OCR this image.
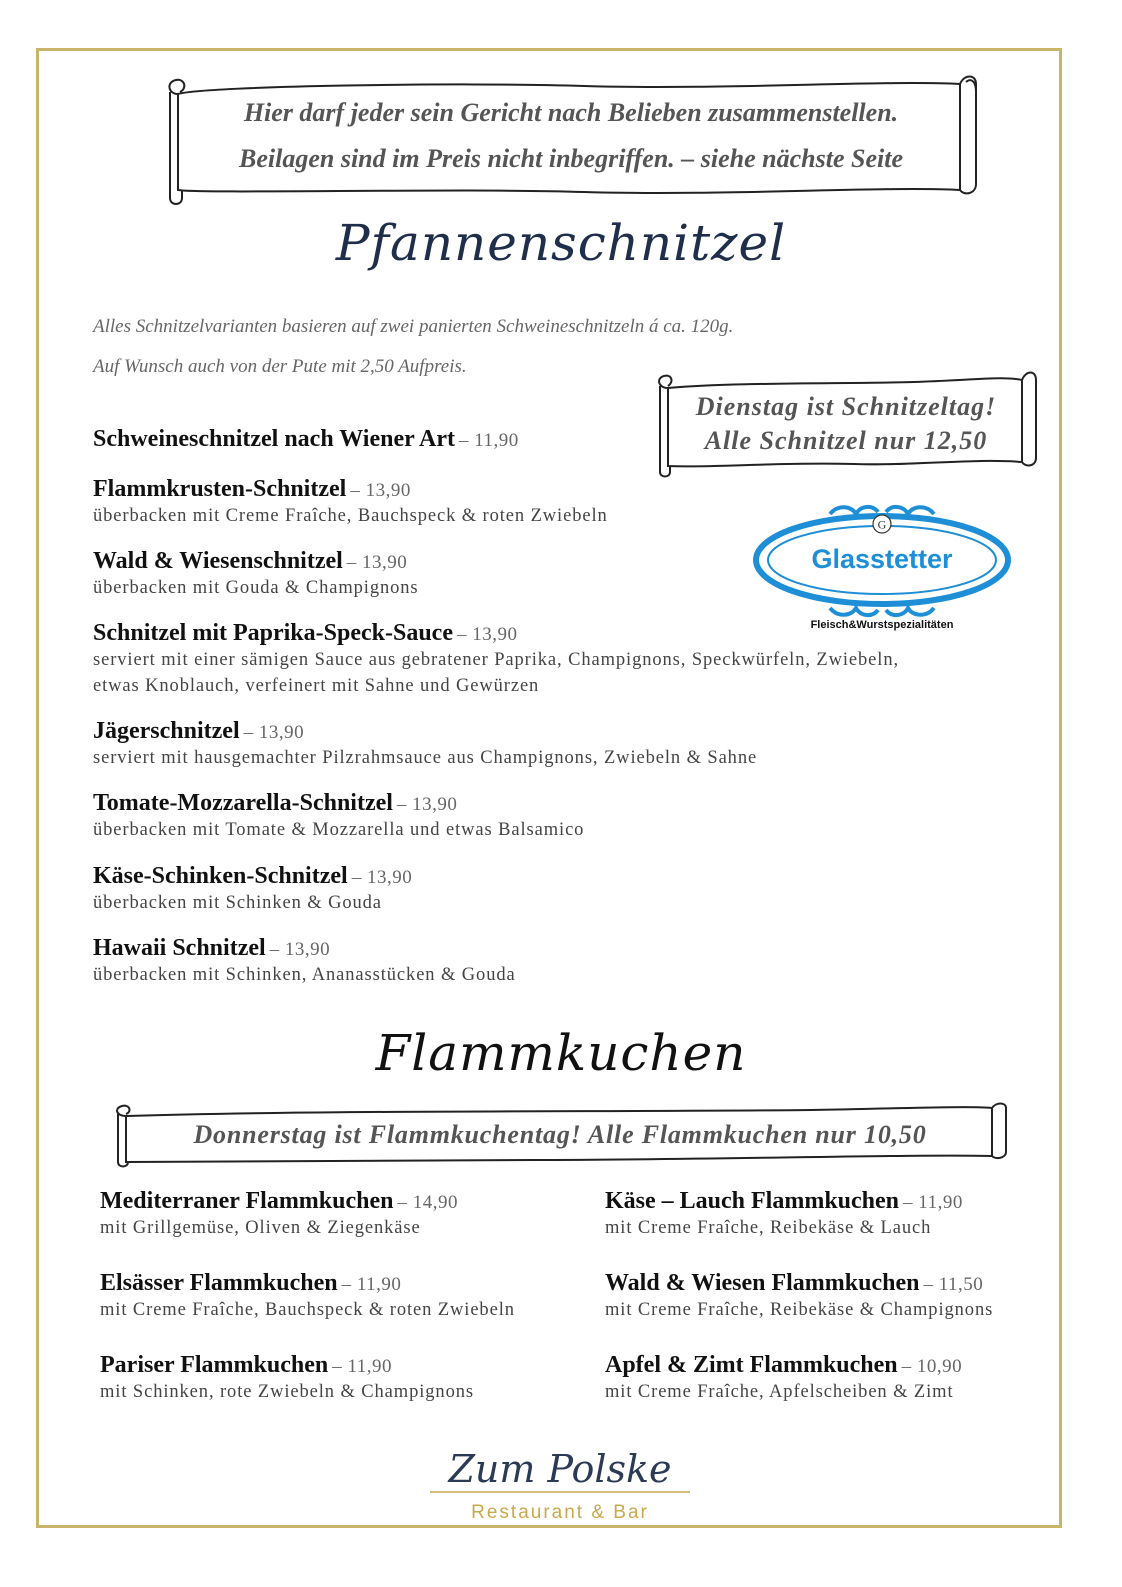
Hier darf jeder sein Gericht nach Belieben zusammenstellen.
Beilagen sind im Preis nicht inbegriffen. – siehe nächste Seite
Pfannenschnitzel
Alles Schnitzelvarianten basieren auf zwei panierten Schweineschnitzeln á ca. 120g.
Auf Wunsch auch von der Pute mit 2,50 Aufpreis.
Dienstag ist Schnitzeltag!
Alle Schnitzel nur 12,50
Schweineschnitzel nach Wiener Art – 11,90
Flammkrusten-Schnitzel – 13,90
überbacken mit Creme Fraîche, Bauchspeck & roten Zwiebeln
Wald & Wiesenschnitzel – 13,90
überbacken mit Gouda & Champignons
Schnitzel mit Paprika-Speck-Sauce – 13,90
serviert mit einer sämigen Sauce aus gebratener Paprika, Champignons, Speckwürfeln, Zwiebeln,
etwas Knoblauch, verfeinert mit Sahne und Gewürzen
Jägerschnitzel – 13,90
serviert mit hausgemachter Pilzrahmsauce aus Champignons, Zwiebeln & Sahne
Tomate-Mozzarella-Schnitzel – 13,90
überbacken mit Tomate & Mozzarella und etwas Balsamico
Käse-Schinken-Schnitzel – 13,90
überbacken mit Schinken & Gouda
Hawaii Schnitzel – 13,90
überbacken mit Schinken, Ananasstücken & Gouda
G
Glasstetter
Fleisch&Wurstspezialitäten
Flammkuchen
Donnerstag ist Flammkuchentag! Alle Flammkuchen nur 10,50
Mediterraner Flammkuchen – 14,90
mit Grillgemüse, Oliven & Ziegenkäse
Elsässer Flammkuchen – 11,90
mit Creme Fraîche, Bauchspeck & roten Zwiebeln
Pariser Flammkuchen – 11,90
mit Schinken, rote Zwiebeln & Champignons
Käse – Lauch Flammkuchen – 11,90
mit Creme Fraîche, Reibekäse & Lauch
Wald & Wiesen Flammkuchen – 11,50
mit Creme Fraîche, Reibekäse & Champignons
Apfel & Zimt Flammkuchen – 10,90
mit Creme Fraîche, Apfelscheiben & Zimt
Zum Polske
Restaurant & Bar
